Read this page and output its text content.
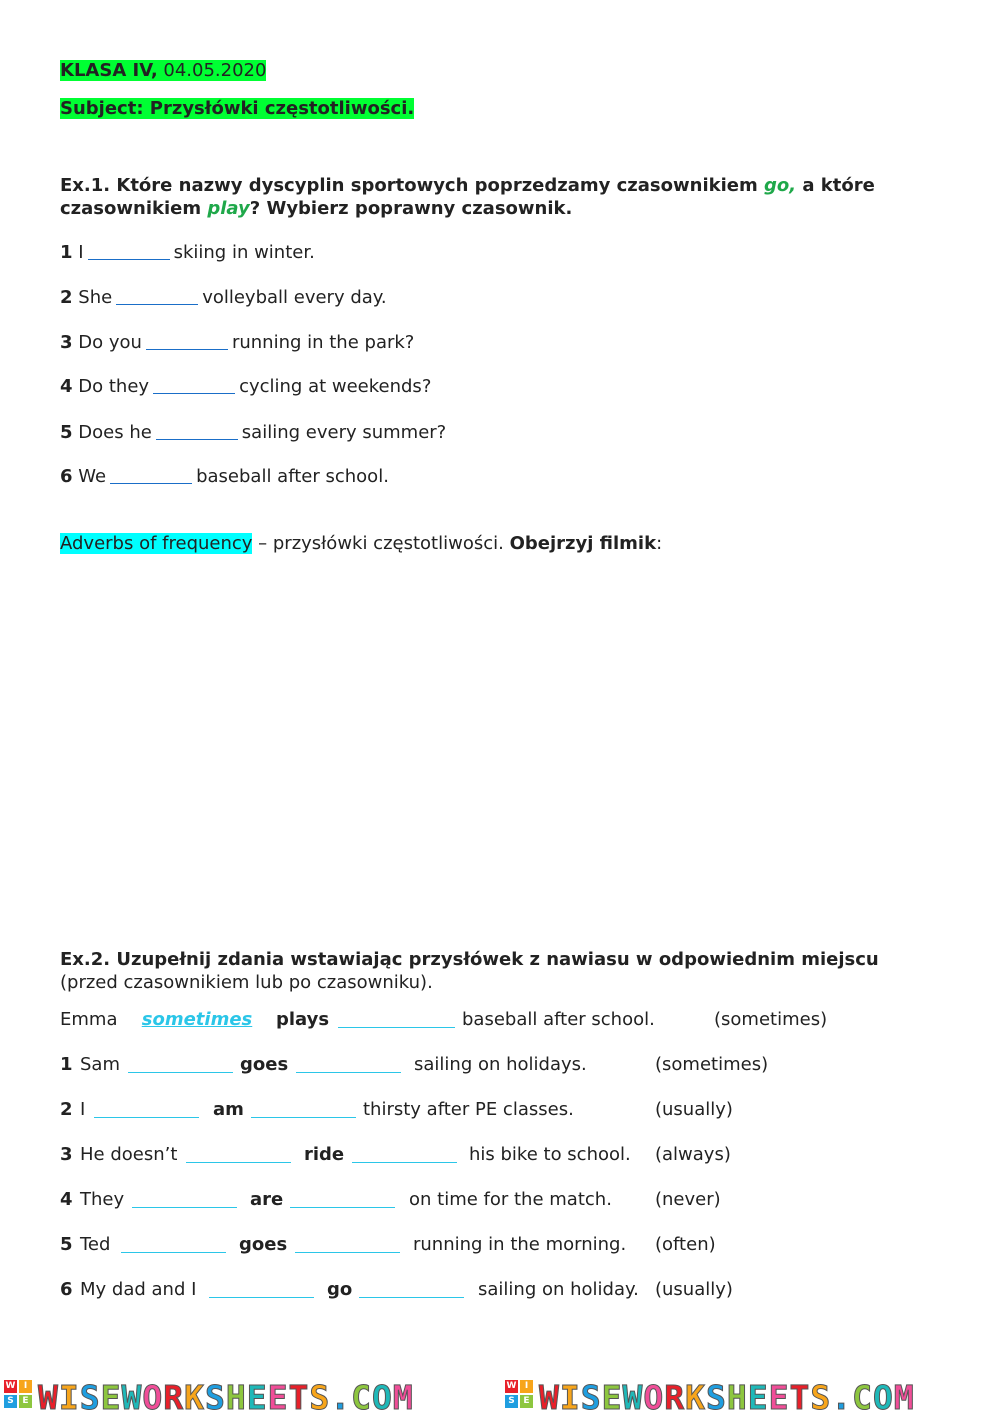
KLASA IV, 04.05.2020
Subject: Przysłówki częstotliwości.
Ex.1. Które nazwy dyscyplin sportowych poprzedzamy czasownikiem go, a które
czasownikiem play? Wybierz poprawny czasownik.
1 I	skiing in winter.
2 She	volleyball every day.
3 Do you	running in the park?
4 Do they	cycling at weekends?
5 Does he	sailing every summer?
6 We	baseball after school.
Adverbs of frequency – przysłówki częstotliwości. Obejrzyj filmik:
Ex.2. Uzupełnij zdania wstawiając przysłówek z nawiasu w odpowiednim miejscu
(przed czasownikiem lub po czasowniku).
Emma	sometimes	plays	baseball after school.	(sometimes)
1 Sam	goes	sailing on holidays.	(sometimes)
2 I	am	thirsty after PE classes.	(usually)
3 He doesn’t	ride	his bike to school. (always)
4 They	are	on time for the match. (never)
5 Ted	goes	running in the morning. (often)
6 My dad and I	go	sailing on holiday. (usually)
W I
S E WISEWORKSHEETS.COM	W I
S E WISEWORKSHEETS.COM
